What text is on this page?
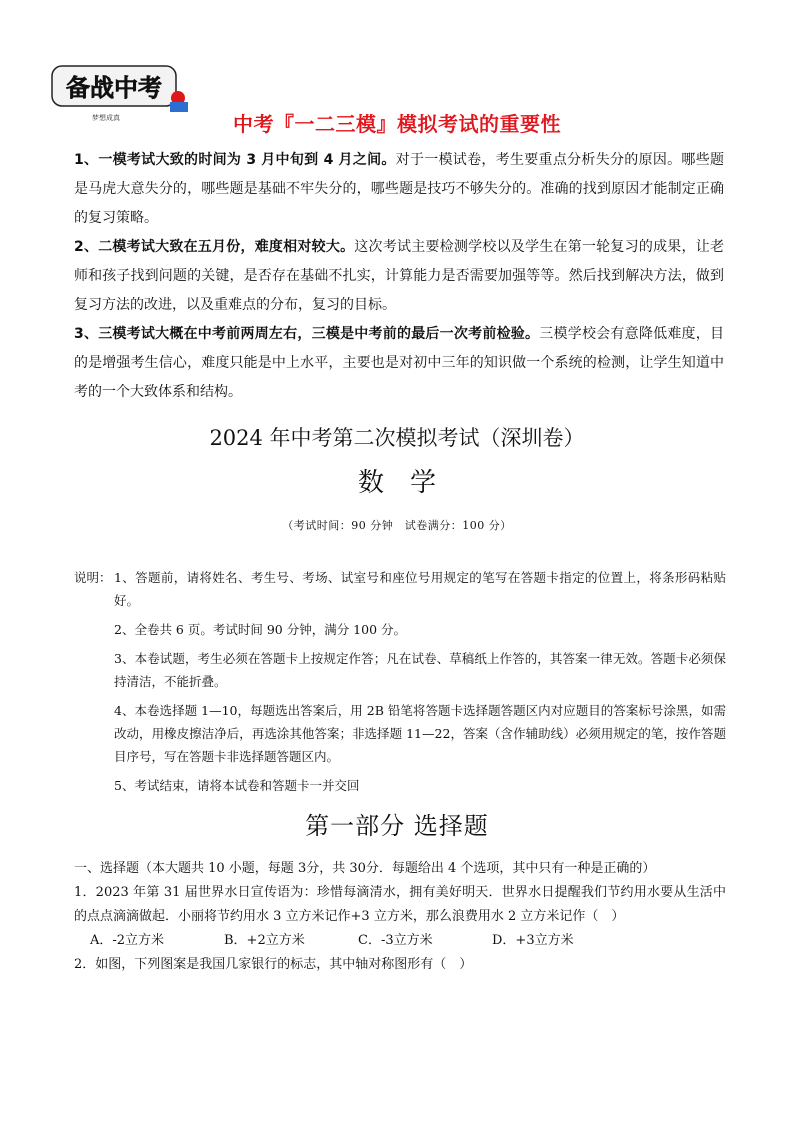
备战中考
梦想成真	中考『一二三模』模拟考试的重要性

1、一模考试大致的时间为 3 月中旬到 4 月之间。对于一模试卷，考生要重点分析失分的原因。哪些题是马虎大意失分的，哪些题是基础不牢失分的，哪些题是技巧不够失分的。准确的找到原因才能制定正确的复习策略。

2、二模考试大致在五月份，难度相对较大。这次考试主要检测学校以及学生在第一轮复习的成果，让老师和孩子找到问题的关键，是否存在基础不扎实，计算能力是否需要加强等等。然后找到解决方法，做到复习方法的改进，以及重难点的分布，复习的目标。

3、三模考试大概在中考前两周左右，三模是中考前的最后一次考前检验。三模学校会有意降低难度，目的是增强考生信心，难度只能是中上水平，主要也是对初中三年的知识做一个系统的检测，让学生知道中考的一个大致体系和结构。

2024 年中考第二次模拟考试（深圳卷）
数学
（考试时间：90 分钟　试卷满分：100 分）
说明： 1、答题前，请将姓名、考生号、考场、试室号和座位号用规定的笔写在答题卡指定的位置上，将条形码粘贴好。

2、全卷共 6 页。考试时间 90 分钟，满分 100 分。

3、本卷试题，考生必须在答题卡上按规定作答；凡在试卷、草稿纸上作答的，其答案一律无效。答题卡必须保持清洁，不能折叠。

4、本卷选择题 1—10，每题选出答案后，用 2B 铅笔将答题卡选择题答题区内对应题目的答案标号涂黑，如需改动，用橡皮擦洁净后，再选涂其他答案；非选择题 11—22，答案（含作辅助线）必须用规定的笔，按作答题目序号，写在答题卡非选择题答题区内。

5、考试结束，请将本试卷和答题卡一并交回

第一部分 选择题

一、选择题（本大题共 10 小题，每题 3分，共 30分．每题给出 4 个选项，其中只有一种是正确的）

1．2023 年第 31 届世界水日宣传语为：珍惜每滴清水，拥有美好明天．世界水日提醒我们节约用水要从生活中的点点滴滴做起．小丽将节约用水 3 立方米记作+3 立方米，那么浪费用水 2 立方米记作（　）

A．-2立方米	B．+2立方米	C．-3立方米	D．+3立方米

2．如图，下列图案是我国几家银行的标志，其中轴对称图形有（　）
